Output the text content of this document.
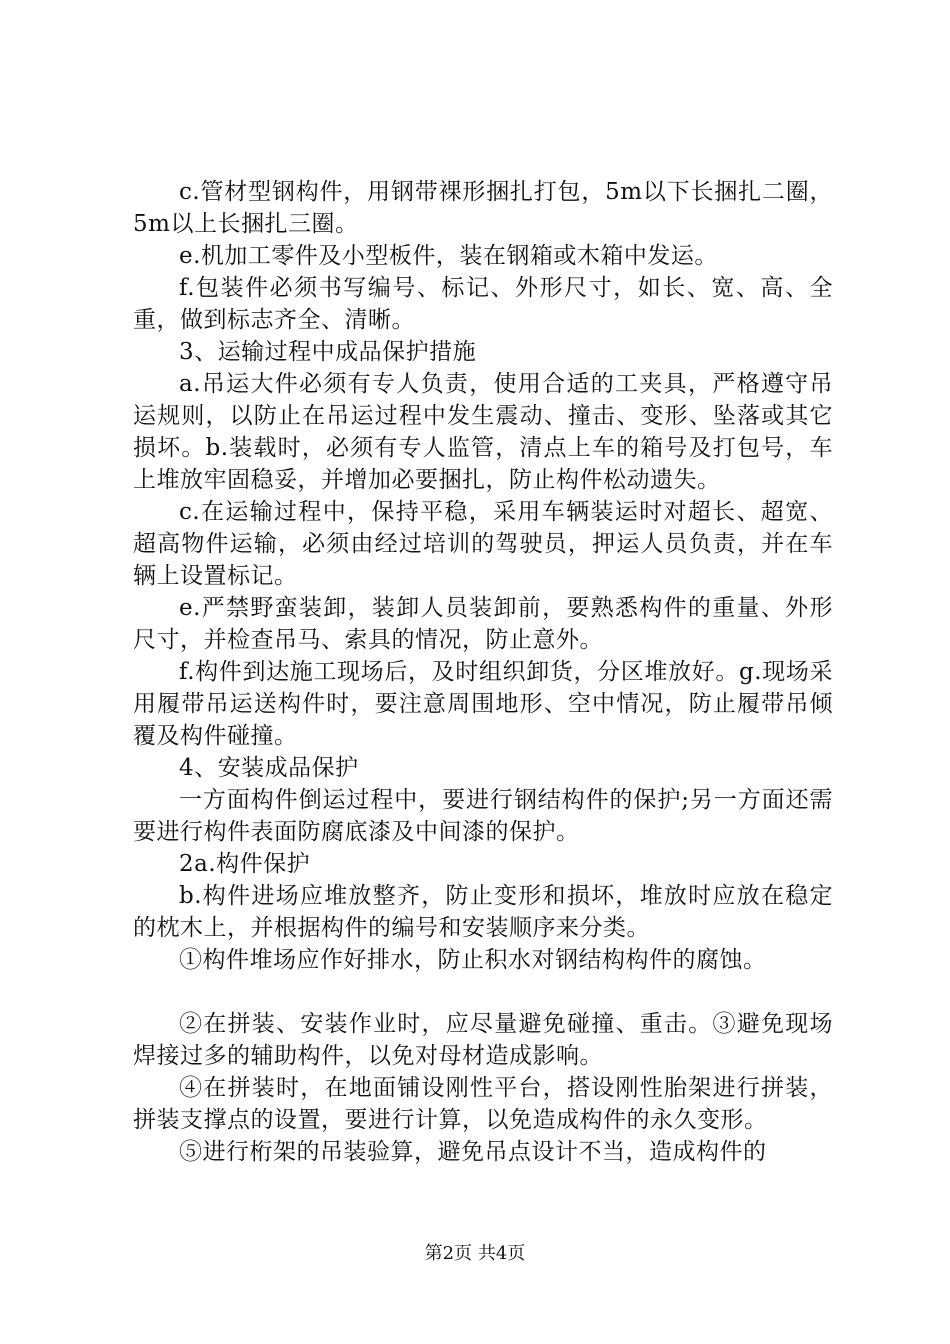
c.管材型钢构件，用钢带裸形捆扎打包，5m以下长捆扎二圈，5m以上长捆扎三圈。

e.机加工零件及小型板件，装在钢箱或木箱中发运。

f.包装件必须书写编号、标记、外形尺寸，如长、宽、高、全重，做到标志齐全、清晰。

3、运输过程中成品保护措施

a.吊运大件必须有专人负责，使用合适的工夹具，严格遵守吊运规则，以防止在吊运过程中发生震动、撞击、变形、坠落或其它损坏。b.装载时，必须有专人监管，清点上车的箱号及打包号，车上堆放牢固稳妥，并增加必要捆扎，防止构件松动遗失。

c.在运输过程中，保持平稳，采用车辆装运时对超长、超宽、超高物件运输，必须由经过培训的驾驶员，押运人员负责，并在车辆上设置标记。

e.严禁野蛮装卸，装卸人员装卸前，要熟悉构件的重量、外形尺寸，并检查吊马、索具的情况，防止意外。

f.构件到达施工现场后，及时组织卸货，分区堆放好。g.现场采用履带吊运送构件时，要注意周围地形、空中情况，防止履带吊倾覆及构件碰撞。

4、安装成品保护

一方面构件倒运过程中，要进行钢结构件的保护;另一方面还需要进行构件表面防腐底漆及中间漆的保护。

2a.构件保护

b.构件进场应堆放整齐，防止变形和损坏，堆放时应放在稳定的枕木上，并根据构件的编号和安装顺序来分类。

①构件堆场应作好排水，防止积水对钢结构构件的腐蚀。

②在拼装、安装作业时，应尽量避免碰撞、重击。③避免现场焊接过多的辅助构件，以免对母材造成影响。

④在拼装时，在地面铺设刚性平台，搭设刚性胎架进行拼装，拼装支撑点的设置，要进行计算，以免造成构件的永久变形。

⑤进行桁架的吊装验算，避免吊点设计不当，造成构件的

第2页 共4页
